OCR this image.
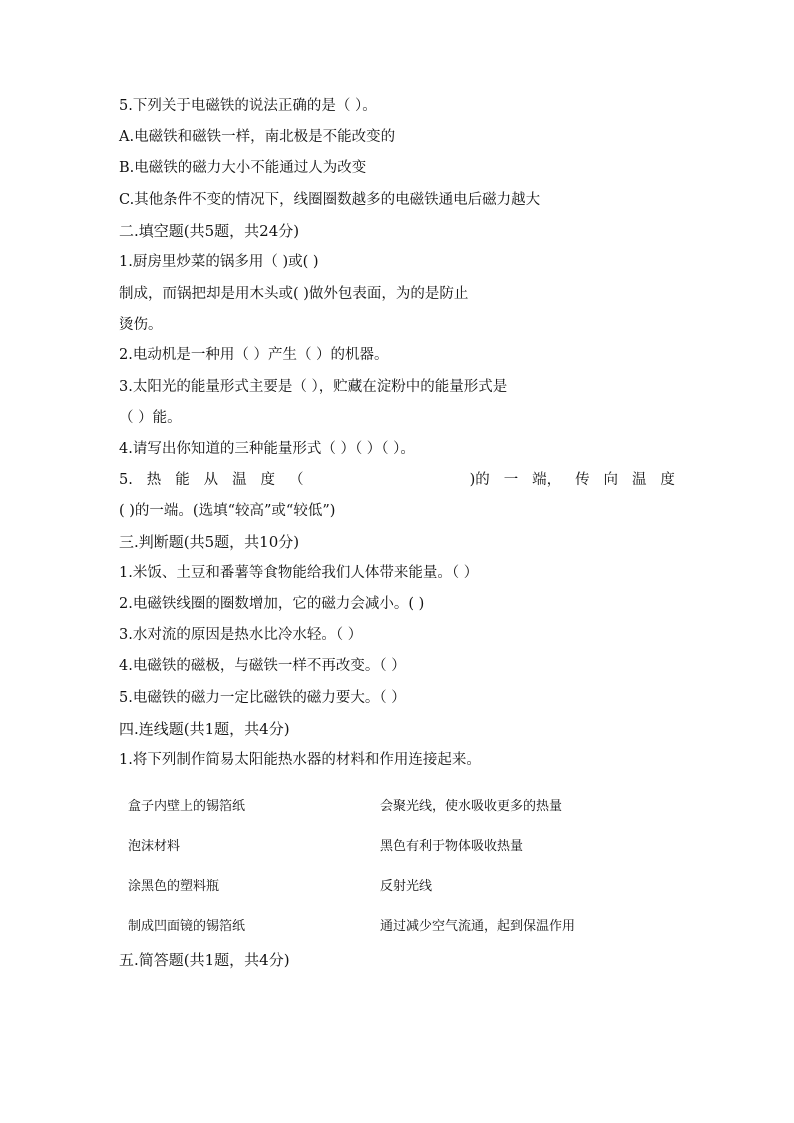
5.下列关于电磁铁的说法正确的是（ ）。
A.电磁铁和磁铁一样，南北极是不能改变的
B.电磁铁的磁力大小不能通过人为改变
C.其他条件不变的情况下，线圈圈数越多的电磁铁通电后磁力越大
二.填空题(共5题，共24分)
1.厨房里炒菜的锅多用（ )或( )
制成，而锅把却是用木头或( )做外包表面，为的是防止
烫伤。
2.电动机是一种用（ ）产生（ ）的机器。
3.太阳光的能量形式主要是（ ），贮藏在淀粉中的能量形式是
（ ）能。
4.请写出你知道的三种能量形式（ ）（ ）（ ）。
5. 热 能 从 温 度 （
	)的 一 端， 传 向 温 度
( )的一端。(选填“较高”或“较低”)
三.判断题(共5题，共10分)
1.米饭、土豆和番薯等食物能给我们人体带来能量。（ ）
2.电磁铁线圈的圈数增加，它的磁力会减小。( )
3.水对流的原因是热水比冷水轻。（ ）
4.电磁铁的磁极，与磁铁一样不再改变。（ ）
5.电磁铁的磁力一定比磁铁的磁力要大。（ ）
四.连线题(共1题，共4分)
1.将下列制作简易太阳能热水器的材料和作用连接起来。
盒子内壁上的锡箔纸	会聚光线，使水吸收更多的热量
泡沫材料	黑色有利于物体吸收热量
涂黑色的塑料瓶	反射光线
制成凹面镜的锡箔纸	通过减少空气流通，起到保温作用
五.简答题(共1题，共4分)
